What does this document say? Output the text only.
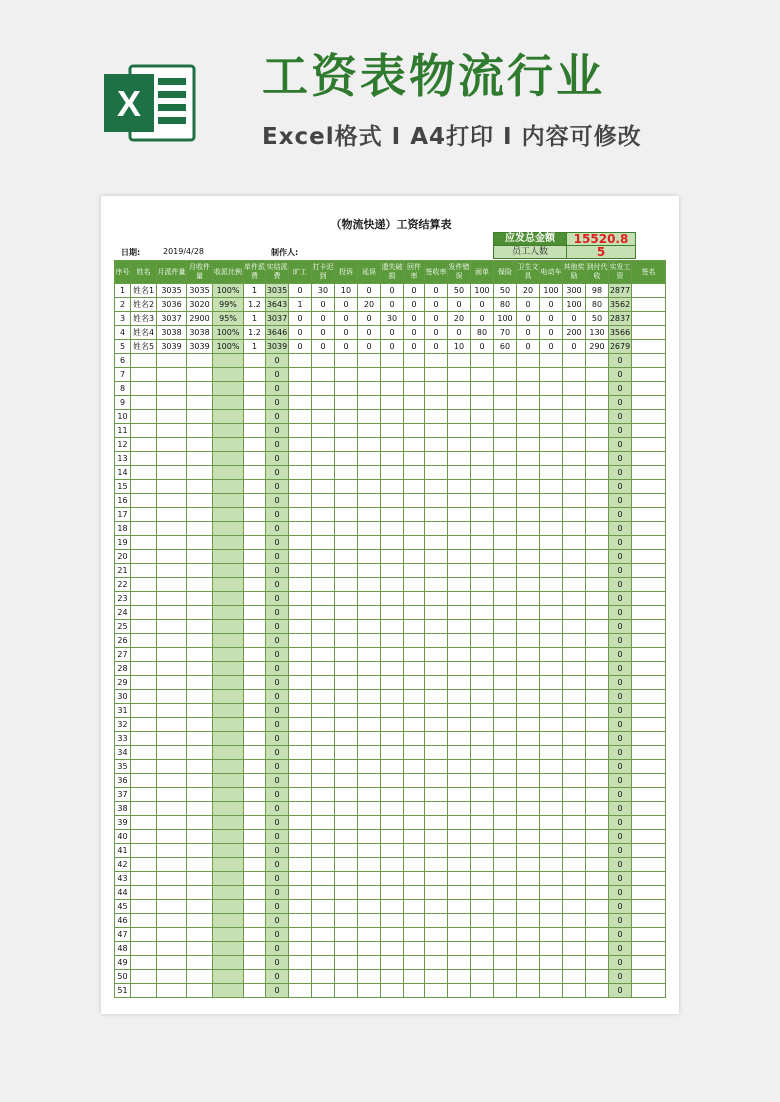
X
工资表物流行业
Excel格式 I A4打印 I 内容可修改
（物流快递）工资结算表
应发总金额	15520.8
员工人数	5
日期:	2019/4/28	制作人:
序号	姓名	月派件量	月收件量	收派比例	单件派费	实结派费	旷工	打卡迟到	投诉	延误	遗失破损	回件率	签收率	发件错误	面单	保险	卫生文具	电动车	其他奖励	到付代收	实发工资	签名
1	姓名1	3035	3035	100%	1	3035	0	30	10	0	0	0	0	50	100	50	20	100	300	98	2877	
2	姓名2	3036	3020	99%	1.2	3643	1	0	0	20	0	0	0	0	0	80	0	0	100	80	3562	
3	姓名3	3037	2900	95%	1	3037	0	0	0	0	30	0	0	20	0	100	0	0	0	50	2837	
4	姓名4	3038	3038	100%	1.2	3646	0	0	0	0	0	0	0	0	80	70	0	0	200	130	3566	
5	姓名5	3039	3039	100%	1	3039	0	0	0	0	0	0	0	10	0	60	0	0	0	290	2679	
6						0															0	
7						0															0	
8						0															0	
9						0															0	
10						0															0	
11						0															0	
12						0															0	
13						0															0	
14						0															0	
15						0															0	
16						0															0	
17						0															0	
18						0															0	
19						0															0	
20						0															0	
21						0															0	
22						0															0	
23						0															0	
24						0															0	
25						0															0	
26						0															0	
27						0															0	
28						0															0	
29						0															0	
30						0															0	
31						0															0	
32						0															0	
33						0															0	
34						0															0	
35						0															0	
36						0															0	
37						0															0	
38						0															0	
39						0															0	
40						0															0	
41						0															0	
42						0															0	
43						0															0	
44						0															0	
45						0															0	
46						0															0	
47						0															0	
48						0															0	
49						0															0	
50						0															0	
51						0															0	
